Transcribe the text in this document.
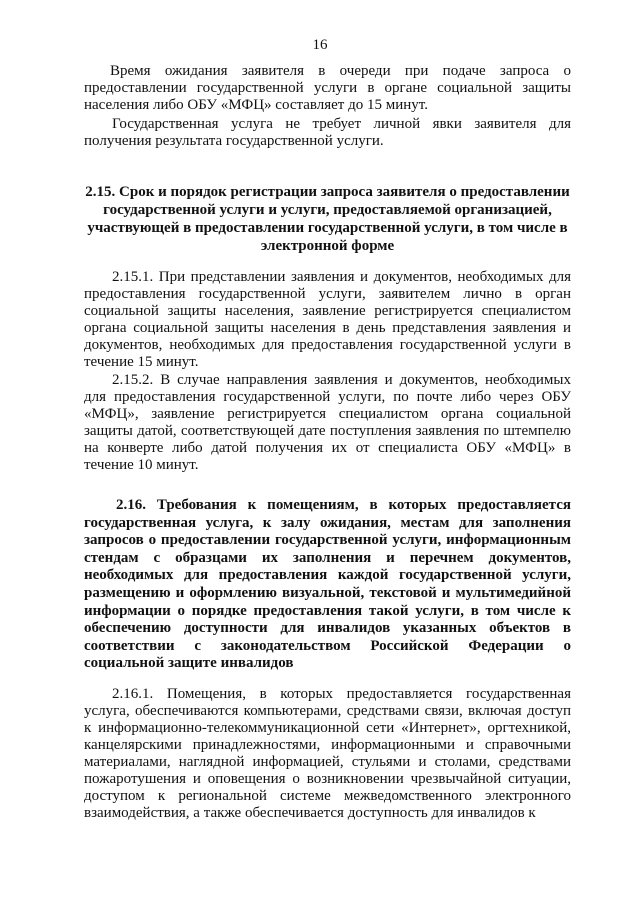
16

Время ожидания заявителя в очереди при подаче запроса о предоставлении государственной услуги в органе социальной защиты населения либо ОБУ «МФЦ» составляет до 15 минут.

Государственная услуга не требует личной явки заявителя для получения результата государственной услуги.

2.15. Срок и порядок регистрации запроса заявителя о предоставлении государственной услуги и услуги, предоставляемой организацией, участвующей в предоставлении государственной услуги, в том числе в электронной форме

2.15.1. При представлении заявления и документов, необходимых для предоставления государственной услуги, заявителем лично в орган социальной защиты населения, заявление регистрируется специалистом органа социальной защиты населения в день представления заявления и документов, необходимых для предоставления государственной услуги в течение 15 минут.

2.15.2. В случае направления заявления и документов, необходимых для предоставления государственной услуги, по почте либо через ОБУ «МФЦ», заявление регистрируется специалистом органа социальной защиты датой, соответствующей дате поступления заявления по штемпелю на конверте либо датой получения их от специалиста ОБУ «МФЦ» в течение 10 минут.

2.16. Требования к помещениям, в которых предоставляется государственная услуга, к залу ожидания, местам для заполнения запросов о предоставлении государственной услуги, информационным стендам с образцами их заполнения и перечнем документов, необходимых для предоставления каждой государственной услуги, размещению и оформлению визуальной, текстовой и мультимедийной информации о порядке предоставления такой услуги, в том числе к обеспечению доступности для инвалидов указанных объектов в соответствии с законодательством Российской Федерации о социальной защите инвалидов

2.16.1. Помещения, в которых предоставляется государственная услуга, обеспечиваются компьютерами, средствами связи, включая доступ к информационно-телекоммуникационной сети «Интернет», оргтехникой, канцелярскими принадлежностями, информационными и справочными материалами, наглядной информацией, стульями и столами, средствами пожаротушения и оповещения о возникновении чрезвычайной ситуации, доступом к региональной системе межведомственного электронного взаимодействия, а также обеспечивается доступность для инвалидов к
